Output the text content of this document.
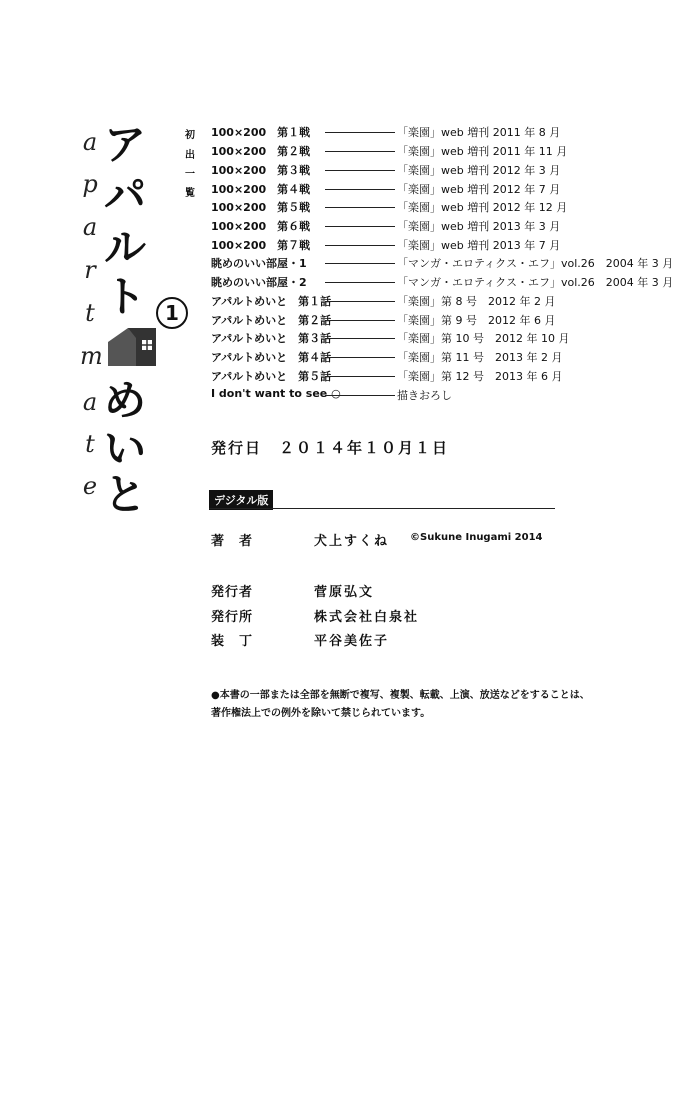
ア
パ
ル
ト
め
い
と
1
a
p
a
r
t
m
a
t
e
初
出
一
覧
100×200　第１戦	「楽園」web 増刊 2011 年 8 月
100×200　第２戦	「楽園」web 増刊 2011 年 11 月
100×200　第３戦	「楽園」web 増刊 2012 年 3 月
100×200　第４戦	「楽園」web 増刊 2012 年 7 月
100×200　第５戦	「楽園」web 増刊 2012 年 12 月
100×200　第６戦	「楽園」web 増刊 2013 年 3 月
100×200　第７戦	「楽園」web 増刊 2013 年 7 月
眺めのいい部屋・1	「マンガ・エロティクス・エフ」vol.26　2004 年 3 月
眺めのいい部屋・2	「マンガ・エロティクス・エフ」vol.26　2004 年 3 月
アパルトめいと　第１話	「楽園」第 8 号　2012 年 2 月
アパルトめいと　第２話	「楽園」第 9 号　2012 年 6 月
アパルトめいと　第３話	「楽園」第 10 号　2012 年 10 月
アパルトめいと　第４話	「楽園」第 11 号　2013 年 2 月
アパルトめいと　第５話	「楽園」第 12 号　2013 年 6 月
I don't want to see ○	描きおろし
発行日　２０１４年１０月１日
デジタル版
著　者	犬上すくね ©Sukune Inugami 2014
発行者	菅原弘文
発行所	株式会社白泉社
装　丁	平谷美佐子
●本書の一部または全部を無断で複写、複製、転載、上演、放送などをすることは、
著作権法上での例外を除いて禁じられています。
